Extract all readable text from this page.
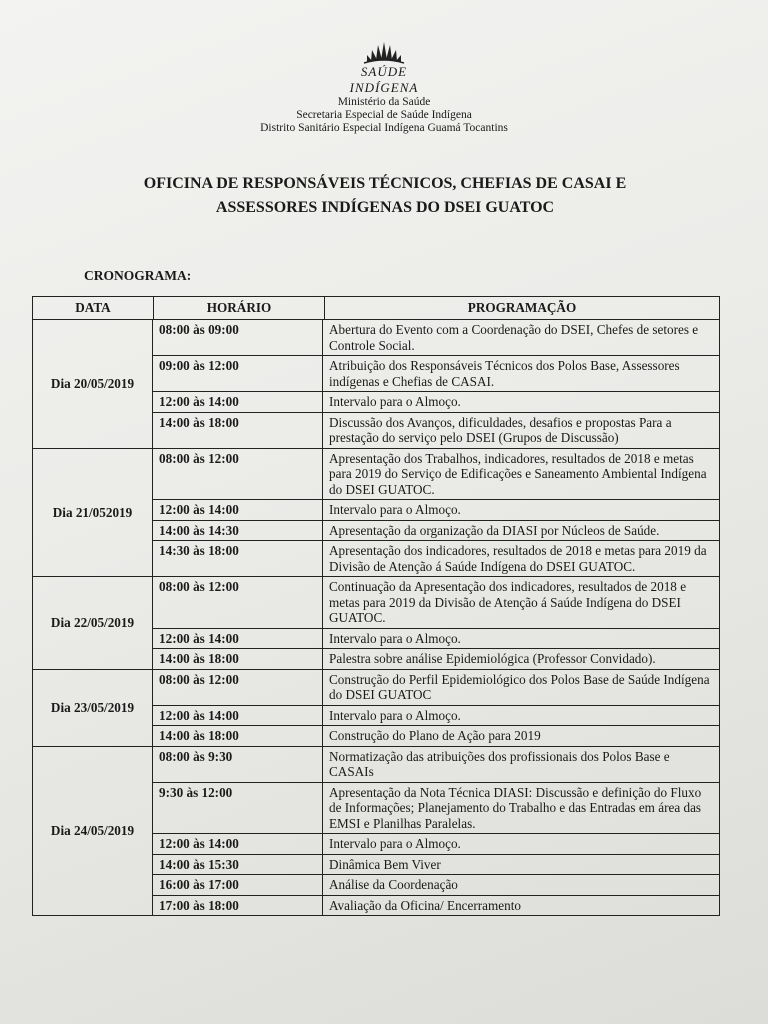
SAÚDE INDÍGENA
Ministério da Saúde
Secretaria Especial de Saúde Indígena
Distrito Sanitário Especial Indígena Guamá Tocantins
OFICINA DE RESPONSÁVEIS TÉCNICOS, CHEFIAS DE CASAI E
ASSESSORES INDÍGENAS DO DSEI GUATOC
CRONOGRAMA:
DATA	HORÁRIO	PROGRAMAÇÃO
Dia 20/05/2019
08:00 às 09:00	Abertura do Evento com a Coordenação do DSEI, Chefes de setores e Controle Social.
09:00 às 12:00	Atribuição dos Responsáveis Técnicos dos Polos Base, Assessores indígenas e Chefias de CASAI.
12:00 às 14:00	Intervalo para o Almoço.
14:00 às 18:00	Discussão dos Avanços, dificuldades, desafios e propostas Para a prestação do serviço pelo DSEI (Grupos de Discussão)
Dia 21/052019
08:00 às 12:00	Apresentação dos Trabalhos, indicadores, resultados de 2018 e metas para 2019 do Serviço de Edificações e Saneamento Ambiental Indígena do DSEI GUATOC.
12:00 às 14:00	Intervalo para o Almoço.
14:00 às 14:30	Apresentação da organização da DIASI por Núcleos de Saúde.
14:30 às 18:00	Apresentação dos indicadores, resultados de 2018 e metas para 2019 da Divisão de Atenção á Saúde Indígena do DSEI GUATOC.
Dia 22/05/2019
08:00 às 12:00	Continuação da Apresentação dos indicadores, resultados de 2018 e metas para 2019 da Divisão de Atenção á Saúde Indígena do DSEI GUATOC.
12:00 às 14:00	Intervalo para o Almoço.
14:00 às 18:00	Palestra sobre análise Epidemiológica (Professor Convidado).
Dia 23/05/2019
08:00 às 12:00	Construção do Perfil Epidemiológico dos Polos Base de Saúde Indígena do DSEI GUATOC
12:00 às 14:00	Intervalo para o Almoço.
14:00 às 18:00	Construção do Plano de Ação para 2019
Dia 24/05/2019
08:00 às 9:30	Normatização das atribuições dos profissionais dos Polos Base e CASAIs
9:30 às 12:00	Apresentação da Nota Técnica DIASI: Discussão e definição do Fluxo de Informações; Planejamento do Trabalho e das Entradas em área das EMSI e Planilhas Paralelas.
12:00 às 14:00	Intervalo para o Almoço.
14:00 às 15:30	Dinâmica Bem Viver
16:00 às 17:00	Análise da Coordenação
17:00 às 18:00	Avaliação da Oficina/ Encerramento
